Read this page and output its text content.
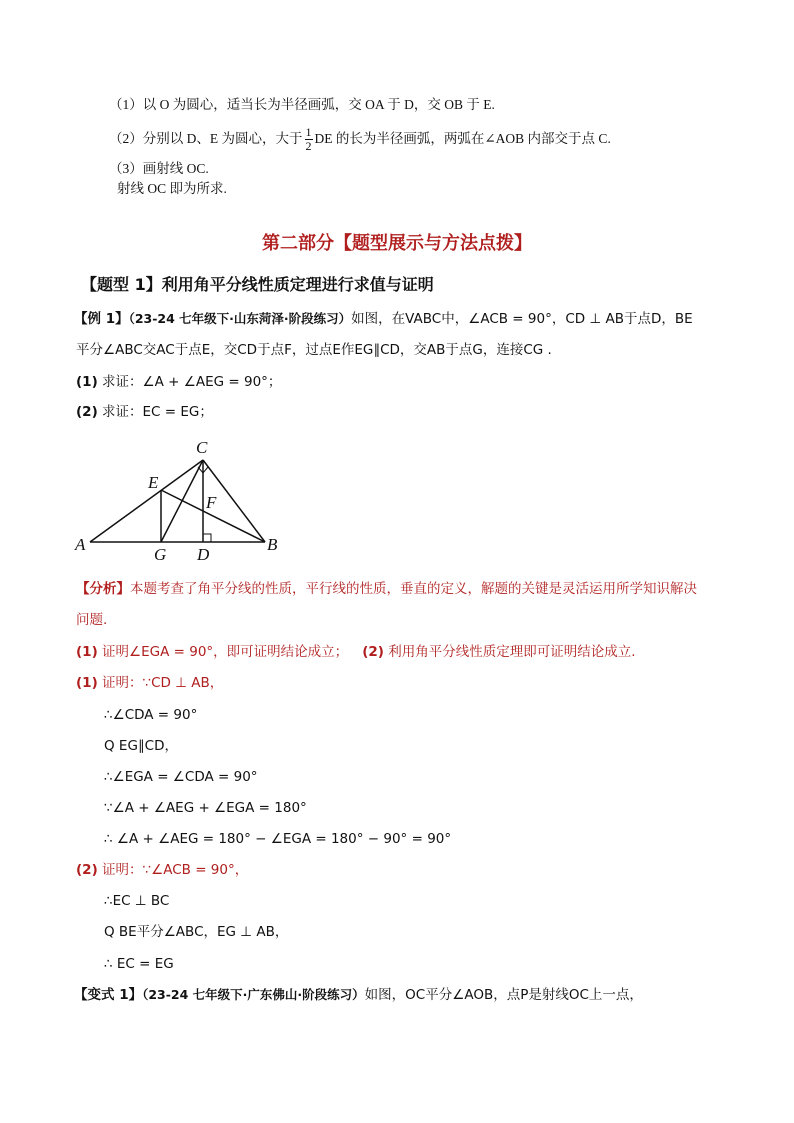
（1）以 O 为圆心，适当长为半径画弧，交 OA 于 D，交 OB 于 E.
（2）分别以 D、E 为圆心，大于 $\frac{1}{2}$ DE 的长为半径画弧，两弧在∠AOB 内部交于点 C.
（3）画射线 OC.
射线 OC 即为所求.
第二部分【题型展示与方法点拨】
【题型 1】利用角平分线性质定理进行求值与证明
【例 1】（23-24 七年级下·山东菏泽·阶段练习）如图，在VABC中，∠ACB = 90°，CD ⊥ AB于点D，BE
平分∠ABC交AC于点E，交CD于点F，过点E作EG∥CD，交AB于点G，连接CG .
(1) 求证：∠A + ∠AEG = 90°；
(2) 求证：EC = EG；
C
E
F
A
G D
B
【分析】本题考查了角平分线的性质，平行线的性质，垂直的定义，解题的关键是灵活运用所学知识解决
问题.
(1) 证明∠EGA = 90°，即可证明结论成立； (2) 利用角平分线性质定理即可证明结论成立.
(1) 证明：∵CD ⊥ AB，
∴∠CDA = 90°
Q EG∥CD，
∴∠EGA = ∠CDA = 90°
∵∠A + ∠AEG + ∠EGA = 180°
∴ ∠A + ∠AEG = 180° − ∠EGA = 180° − 90° = 90°
(2) 证明：∵∠ACB = 90°，
∴EC ⊥ BC
Q BE平分∠ABC，EG ⊥ AB，
∴ EC = EG
【变式 1】（23-24 七年级下·广东佛山·阶段练习）如图，OC平分∠AOB，点P是射线OC上一点，
